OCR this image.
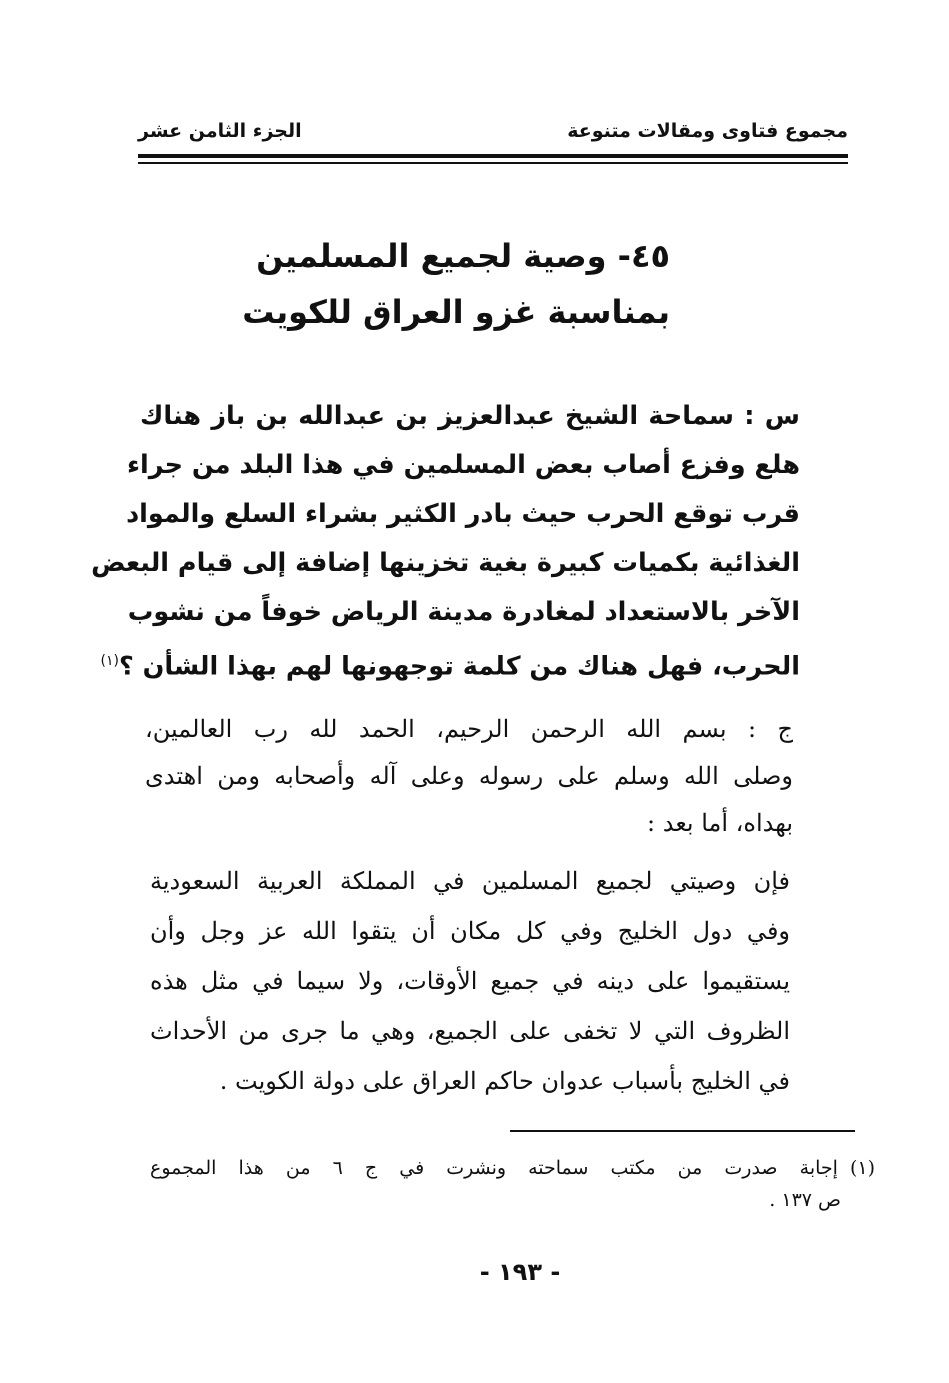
مجموع فتاوى ومقالات متنوعة
الجزء الثامن عشر
٤٥- وصية لجميع المسلمين
بمناسبة غزو العراق للكويت
س : سماحة الشيخ عبدالعزيز بن عبدالله بن باز هناك
هلع وفزع أصاب بعض المسلمين في هذا البلد من جراء
قرب توقع الحرب حيث بادر الكثير بشراء السلع والمواد
الغذائية بكميات كبيرة بغية تخزينها إضافة إلى قيام البعض
الآخر بالاستعداد لمغادرة مدينة الرياض خوفاً من نشوب
الحرب، فهل هناك من كلمة توجهونها لهم بهذا الشأن ؟$^{(١)}$
ج : بسم الله الرحمن الرحيم، الحمد لله رب العالمين،
وصلى الله وسلم على رسوله وعلى آله وأصحابه ومن اهتدى
بهداه، أما بعد :
فإن وصيتي لجميع المسلمين في المملكة العربية السعودية
وفي دول الخليج وفي كل مكان أن يتقوا الله عز وجل وأن
يستقيموا على دينه في جميع الأوقات، ولا سيما في مثل هذه
الظروف التي لا تخفى على الجميع، وهي ما جرى من الأحداث
في الخليج بأسباب عدوان حاكم العراق على دولة الكويت .
(١)إجابة صدرت من مكتب سماحته ونشرت في ج ٦ من هذا المجموع
ص ١٣٧ .
- ١٩٣ -
